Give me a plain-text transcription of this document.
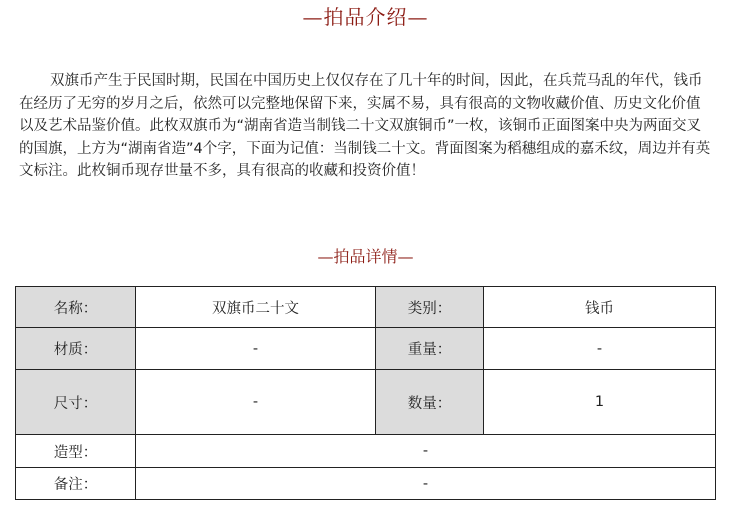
—拍品介绍—

双旗币产生于民国时期，民国在中国历史上仅仅存在了几十年的时间，因此，在兵荒马乱的年代，钱币在经历了无穷的岁月之后，依然可以完整地保留下来，实属不易，具有很高的文物收藏价值、历史文化价值以及艺术品鉴价值。此枚双旗币为“湖南省造当制钱二十文双旗铜币”一枚，该铜币正面图案中央为两面交叉的国旗，上方为“湖南省造”4个字，下面为记值：当制钱二十文。背面图案为稻穗组成的嘉禾纹，周边并有英文标注。此枚铜币现存世量不多，具有很高的收藏和投资价值！

—拍品详情—
名称：	双旗币二十文	类别：	钱币
材质：	-	重量：	-
尺寸：	-	数量：	1
造型：	-		
备注：	-		
